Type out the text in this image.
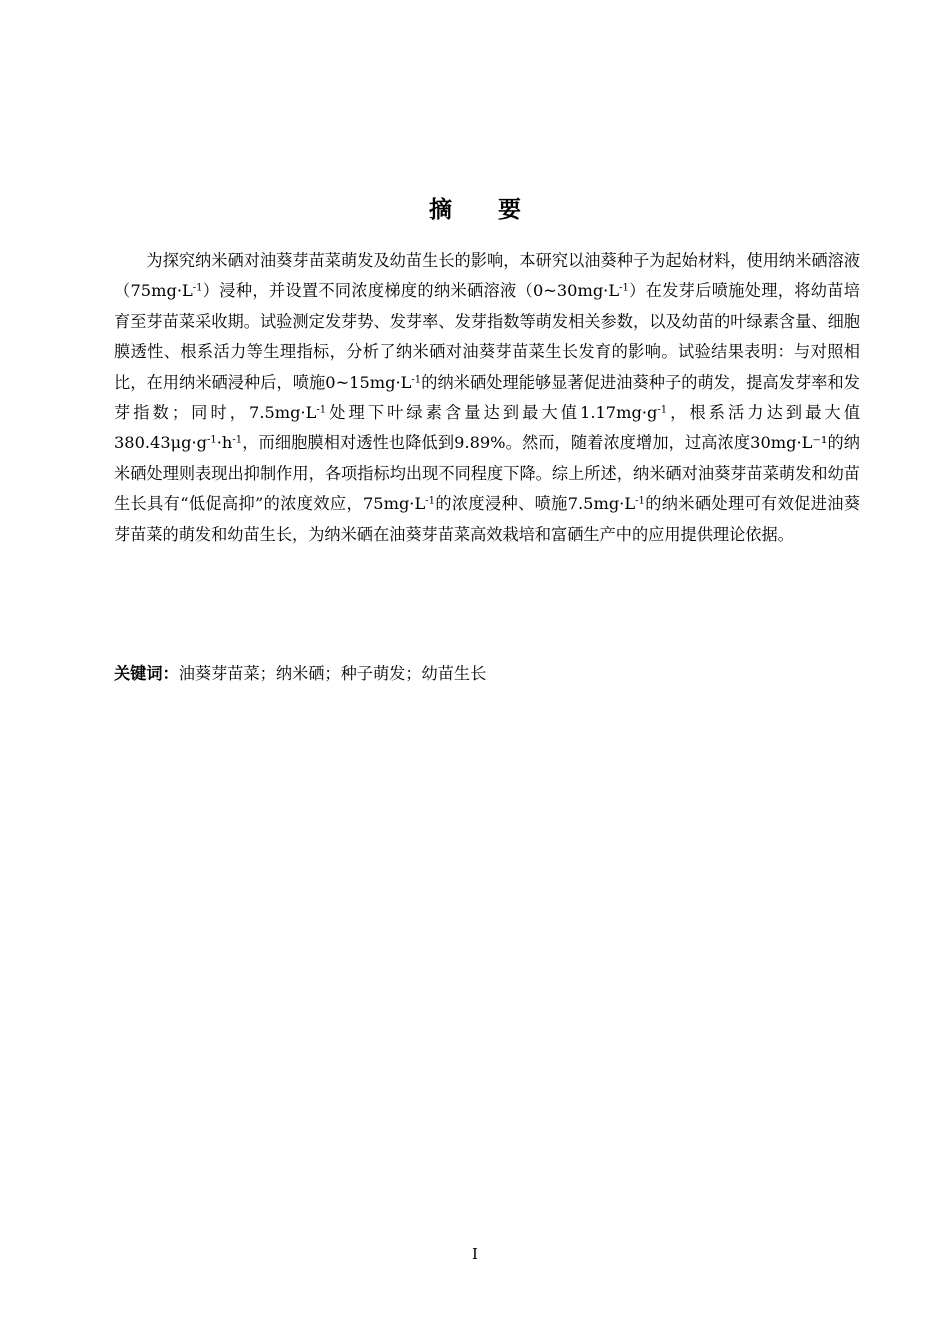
摘 要

为探究纳米硒对油葵芽苗菜萌发及幼苗生长的影响，本研究以油葵种子为起始材料，使用纳米硒溶液$(75mg\cdot L^{-1})$浸种，并设置不同浓度梯度的纳米硒溶液$(0\sim 30mg\cdot L^{-1})$在发芽后喷施处理，将幼苗培育至芽苗菜采收期。试验测定发芽势、发芽率、发芽指数等萌发相关参数，以及幼苗的叶绿素含量、细胞膜透性、根系活力等生理指标，分析了纳米硒对油葵芽苗菜生长发育的影响。试验结果表明：与对照相比，在用纳米硒浸种后，喷施$0\sim 15mg\cdot L^{-1}$的纳米硒处理能够显著促进油葵种子的萌发，提高发芽率和发芽指数；同时，$7.5mg\cdot L^{-1}$处理下叶绿素含量达到最大值$1.17mg\cdot g^{-1}$，根系活力达到最大值$380.43\mu g\cdot g^{-1}\cdot h^{-1}$，而细胞膜相对透性也降低到9.89%。然而，随着浓度增加，过高浓度30mg·L⁻¹的纳米硒处理则表现出抑制作用，各项指标均出现不同程度下降。综上所述，纳米硒对油葵芽苗菜萌发和幼苗生长具有“低促高抑”的浓度效应，$75mg\cdot L^{-1}$的浓度浸种、喷施$7.5mg\cdot L^{-1}$的纳米硒处理可有效促进油葵芽苗菜的萌发和幼苗生长，为纳米硒在油葵芽苗菜高效栽培和富硒生产中的应用提供理论依据。

关键词：油葵芽苗菜；纳米硒；种子萌发；幼苗生长

I
